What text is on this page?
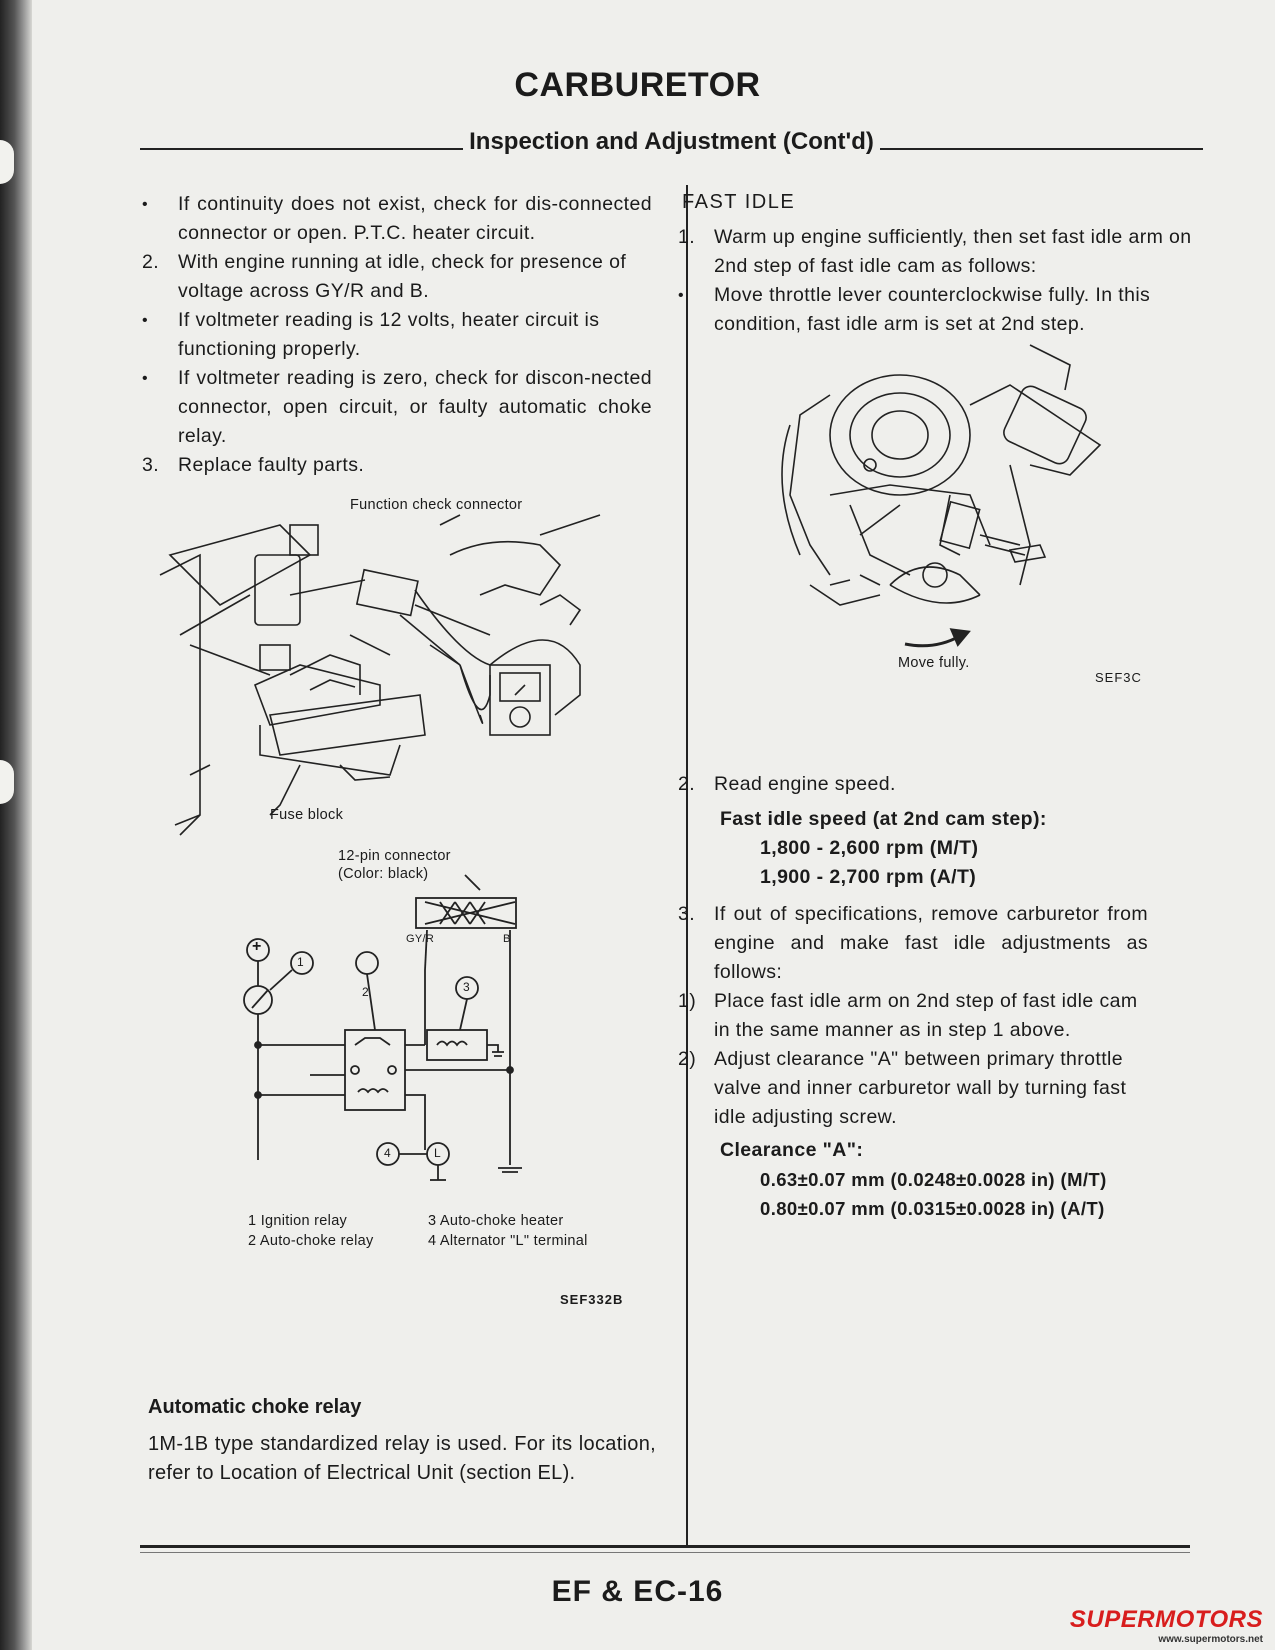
CARBURETOR
Inspection and Adjustment (Cont'd)
•	If continuity does not exist, check for dis-connected connector or open. P.T.C. heater circuit.
2. With engine running at idle, check for presence of voltage across GY/R and B.
•	If voltmeter reading is 12 volts, heater circuit is functioning properly.
•	If voltmeter reading is zero, check for discon-nected connector, open circuit, or faulty automatic choke relay.
3. Replace faulty parts.
Function check connector
Fuse block
12-pin connector
(Color: black)
+
1
2	3
4	L
GY/R	B
1 Ignition relay	3 Auto-choke heater
2 Auto-choke relay	4 Alternator "L" terminal
SEF332B
Automatic choke relay
1M-1B type standardized relay is used. For its location, refer to Location of Electrical Unit (section EL).
FAST IDLE
1. Warm up engine sufficiently, then set fast idle arm on 2nd step of fast idle cam as follows:
•	Move throttle lever counterclockwise fully. In this condition, fast idle arm is set at 2nd step.
Move fully.
SEF3C
2. Read engine speed.
Fast idle speed (at 2nd cam step):
1,800 - 2,600 rpm (M/T)
1,900 - 2,700 rpm (A/T)
3. If out of specifications, remove carburetor from engine and make fast idle adjustments as follows:
1) Place fast idle arm on 2nd step of fast idle cam in the same manner as in step 1 above.
2) Adjust clearance "A" between primary throttle valve and inner carburetor wall by turning fast idle adjusting screw.
Clearance "A":
0.63±0.07 mm (0.0248±0.0028 in) (M/T)
0.80±0.07 mm (0.0315±0.0028 in) (A/T)
EF & EC-16
SUPERMOTORS
www.supermotors.net
